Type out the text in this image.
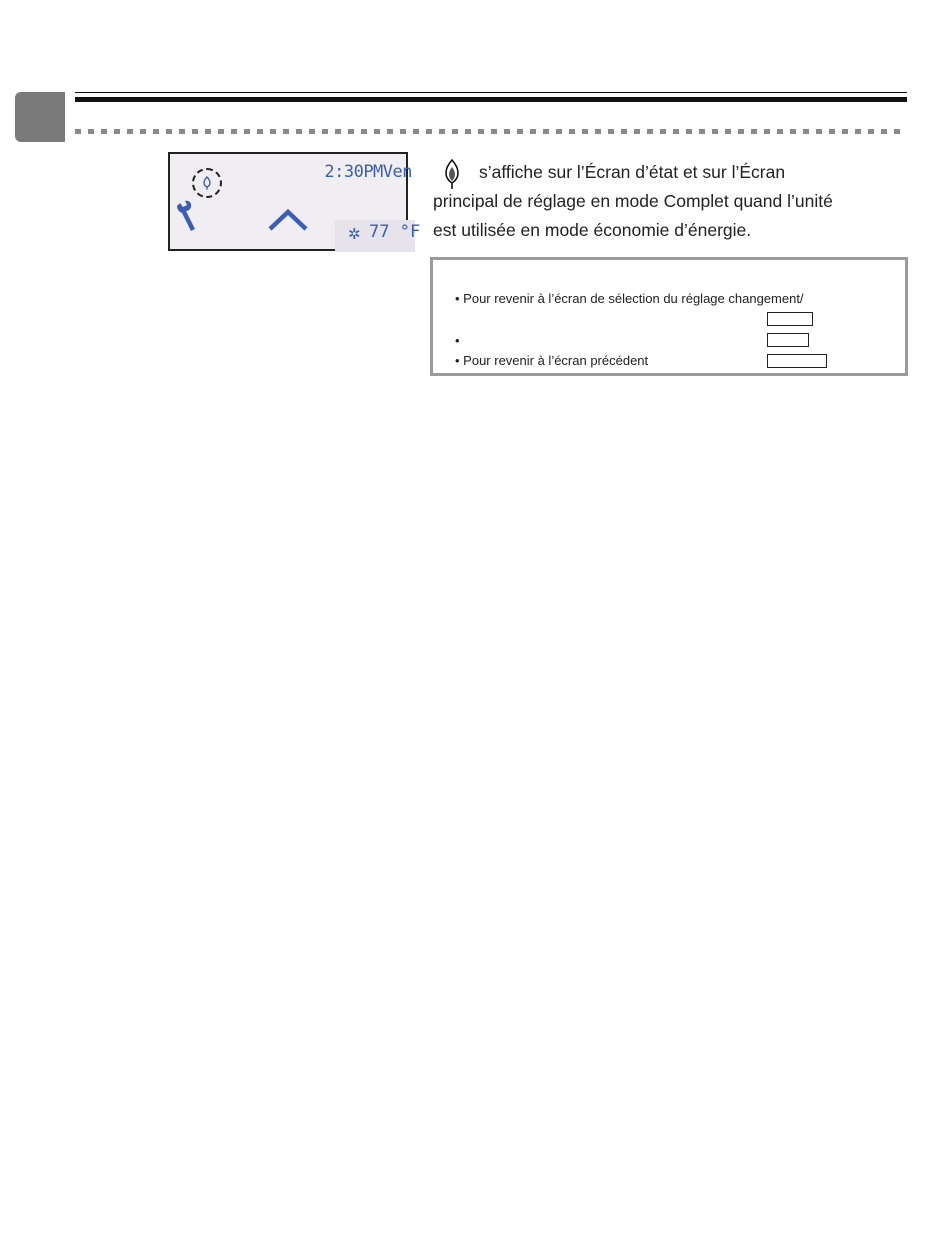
2:30PMVen
✲ 77 °F
s’affiche sur l’Écran d’état et sur l’Écran
principal de réglage en mode Complet quand l’unité
est utilisée en mode économie d’énergie.
• Pour revenir à l’écran de sélection du réglage changement/
•
• Pour revenir à l’écran précédent
